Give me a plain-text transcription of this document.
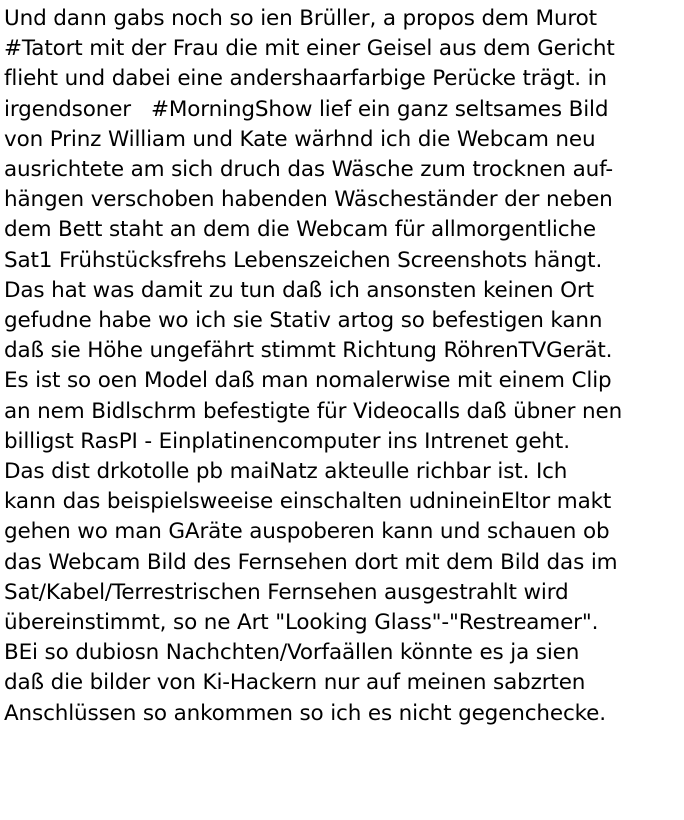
Und dann gabs noch so ien Brüller, a propos dem Murot
#Tatort mit der Frau die mit einer Geisel aus dem Gericht
flieht und dabei eine andershaarfarbige Perücke trägt. in
irgendsoner   #MorningShow lief ein ganz seltsames Bild
von Prinz William und Kate wärhnd ich die Webcam neu
ausrichtete am sich druch das Wäsche zum trocknen auf-
hängen verschoben habenden Wäscheständer der neben
dem Bett staht an dem die Webcam für allmorgentliche
Sat1 Frühstücksfrehs Lebenszeichen Screenshots hängt.
Das hat was damit zu tun daß ich ansonsten keinen Ort
gefudne habe wo ich sie Stativ artog so befestigen kann
daß sie Höhe ungefährt stimmt Richtung RöhrenTVGerät.
Es ist so oen Model daß man nomalerwise mit einem Clip
an nem Bidlschrm befestigte für Videocalls daß übner nen
billigst RasPI - Einplatinencomputer ins Intrenet geht.
Das dist drkotolle pb maiNatz akteulle richbar ist. Ich
kann das beispielsweeise einschalten udnineinEltor makt
gehen wo man GAräte auspoberen kann und schauen ob
das Webcam Bild des Fernsehen dort mit dem Bild das im
Sat/Kabel/Terrestrischen Fernsehen ausgestrahlt wird
übereinstimmt, so ne Art "Looking Glass"-"Restreamer".
BEi so dubiosn Nachchten/Vorfaällen könnte es ja sien
daß die bilder von Ki-Hackern nur auf meinen sabzrten
Anschlüssen so ankommen so ich es nicht gegenchecke.
